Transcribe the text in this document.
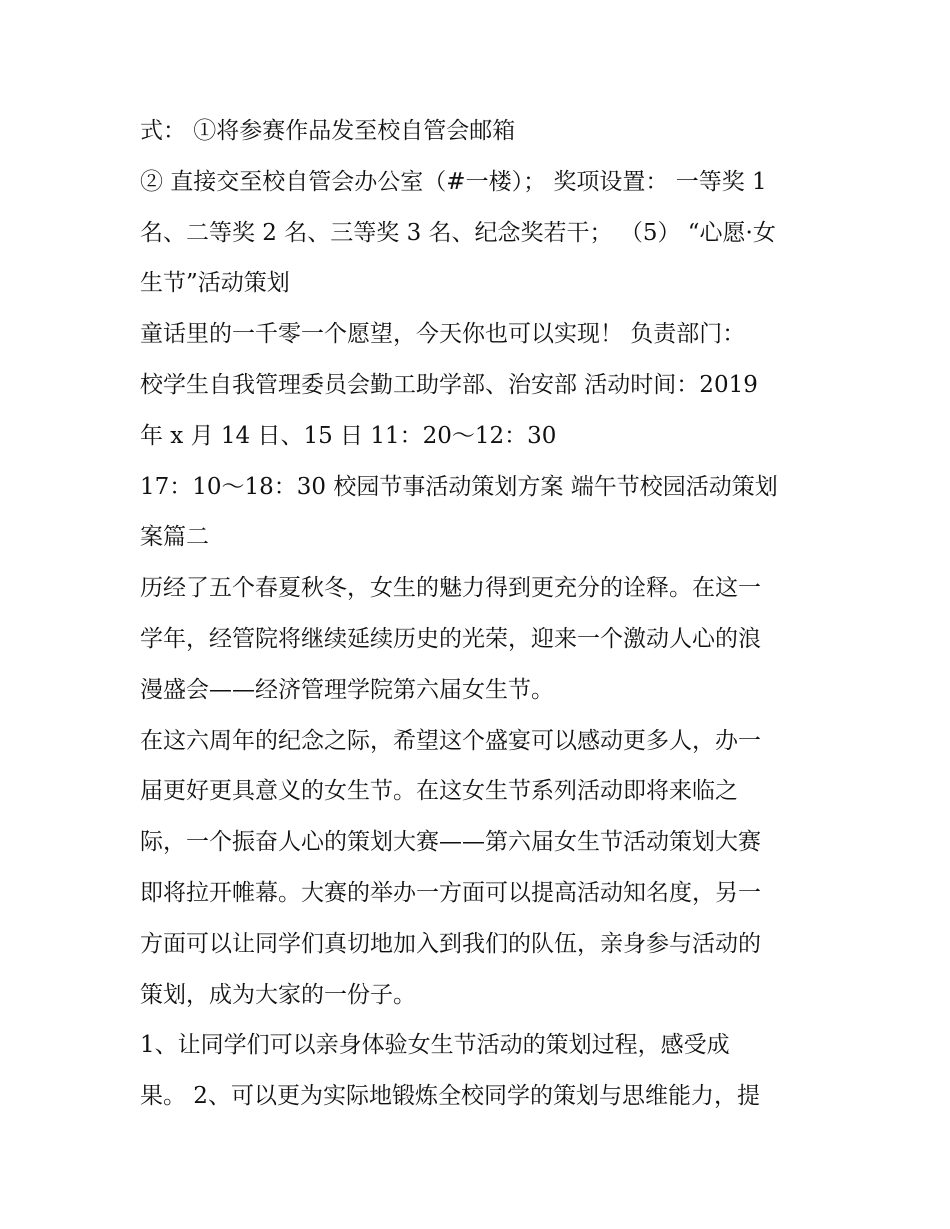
式： ①将参赛作品发至校自管会邮箱
② 直接交至校自管会办公室（#一楼）； 奖项设置： 一等奖 1
名、二等奖 2 名、三等奖 3 名、纪念奖若干； （5） “心愿·女
生节”活动策划
童话里的一千零一个愿望，今天你也可以实现！ 负责部门：
校学生自我管理委员会勤工助学部、治安部 活动时间：2019
年 x 月 14 日、15 日 11：20～12：30
17：10～18：30 校园节事活动策划方案 端午节校园活动策划
案篇二
历经了五个春夏秋冬，女生的魅力得到更充分的诠释。在这一
学年，经管院将继续延续历史的光荣，迎来一个激动人心的浪
漫盛会——经济管理学院第六届女生节。
在这六周年的纪念之际，希望这个盛宴可以感动更多人，办一
届更好更具意义的女生节。在这女生节系列活动即将来临之
际，一个振奋人心的策划大赛——第六届女生节活动策划大赛
即将拉开帷幕。大赛的举办一方面可以提高活动知名度，另一
方面可以让同学们真切地加入到我们的队伍，亲身参与活动的
策划，成为大家的一份子。
1、让同学们可以亲身体验女生节活动的策划过程，感受成
果。 2、可以更为实际地锻炼全校同学的策划与思维能力，提
